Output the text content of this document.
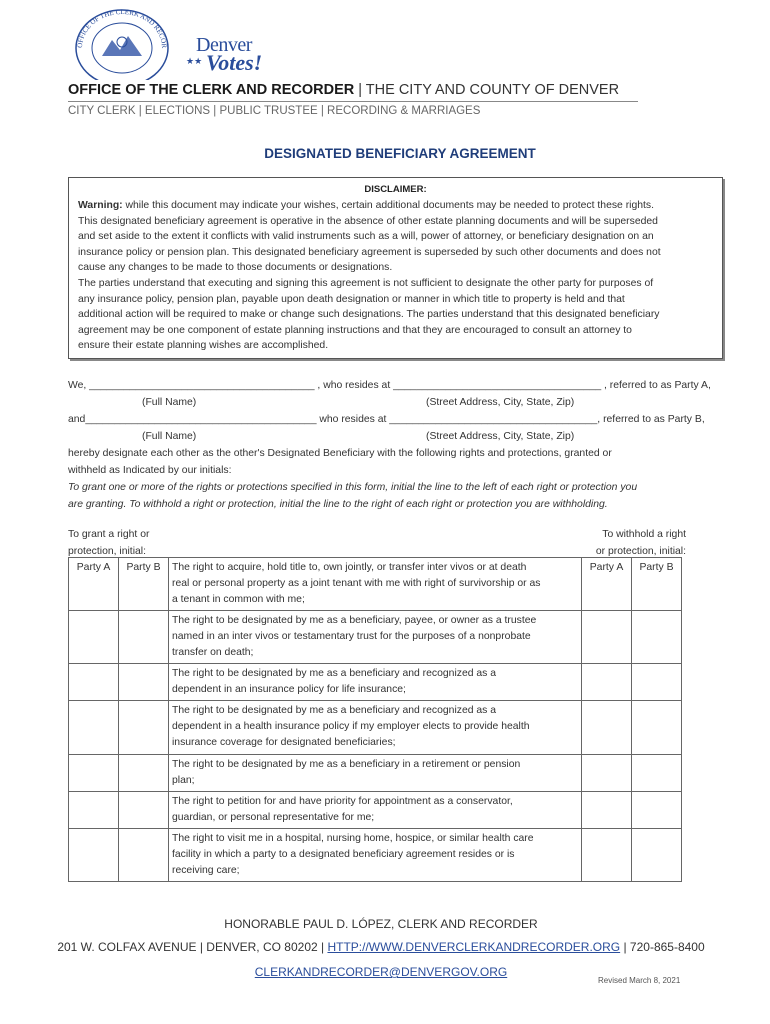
OFFICE OF THE CLERK AND RECOR Denver
★★ Votes!
OFFICE OF THE CLERK AND RECORDER | THE CITY AND COUNTY OF DENVER
CITY CLERK | ELECTIONS | PUBLIC TRUSTEE | RECORDING & MARRIAGES
DESIGNATED BENEFICIARY AGREEMENT
DISCLAIMER:
Warning: while this document may indicate your wishes, certain additional documents may be needed to protect these rights.
This designated beneficiary agreement is operative in the absence of other estate planning documents and will be superseded
and set aside to the extent it conflicts with valid instruments such as a will, power of attorney, or beneficiary designation on an
insurance policy or pension plan. This designated beneficiary agreement is superseded by such other documents and does not
cause any changes to be made to those documents or designations.
The parties understand that executing and signing this agreement is not sufficient to designate the other party for purposes of
any insurance policy, pension plan, payable upon death designation or manner in which title to property is held and that
additional action will be required to make or change such designations. The parties understand that this designated beneficiary
agreement may be one component of estate planning instructions and that they are encouraged to consult an attorney to
ensure their estate planning wishes are accomplished.
We, _______________________________________ , who resides at ____________________________________ , referred to as Party A,
(Full Name)	(Street Address, City, State, Zip)
and________________________________________ who resides at ____________________________________, referred to as Party B,
(Full Name)	(Street Address, City, State, Zip)
hereby designate each other as the other's Designated Beneficiary with the following rights and protections, granted or
withheld as Indicated by our initials:
To grant one or more of the rights or protections specified in this form, initial the line to the left of each right or protection you
are granting. To withhold a right or protection, initial the line to the right of each right or protection you are withholding.
To grant a right or
protection, initial:
To withhold a right
or protection, initial:
Party A	Party B	The right to acquire, hold title to, own jointly, or transfer inter vivos or at death
real or personal property as a joint tenant with me with right of survivorship or as
a tenant in common with me;	Party A	Party B

		The right to be designated by me as a beneficiary, payee, or owner as a trustee
named in an inter vivos or testamentary trust for the purposes of a nonprobate
transfer on death;		

		The right to be designated by me as a beneficiary and recognized as a
dependent in an insurance policy for life insurance;		

		The right to be designated by me as a beneficiary and recognized as a
dependent in a health insurance policy if my employer elects to provide health
insurance coverage for designated beneficiaries;		

		The right to be designated by me as a beneficiary in a retirement or pension
plan;		

		The right to petition for and have priority for appointment as a conservator,
guardian, or personal representative for me;		

		The right to visit me in a hospital, nursing home, hospice, or similar health care
facility in which a party to a designated beneficiary agreement resides or is
receiving care;		

HONORABLE PAUL D. LÓPEZ, CLERK AND RECORDER
201 W. COLFAX AVENUE | DENVER, CO 80202 | HTTP://WWW.DENVERCLERKANDRECORDER.ORG | 720-865-8400
CLERKANDRECORDER@DENVERGOV.ORG
Revised March 8, 2021
